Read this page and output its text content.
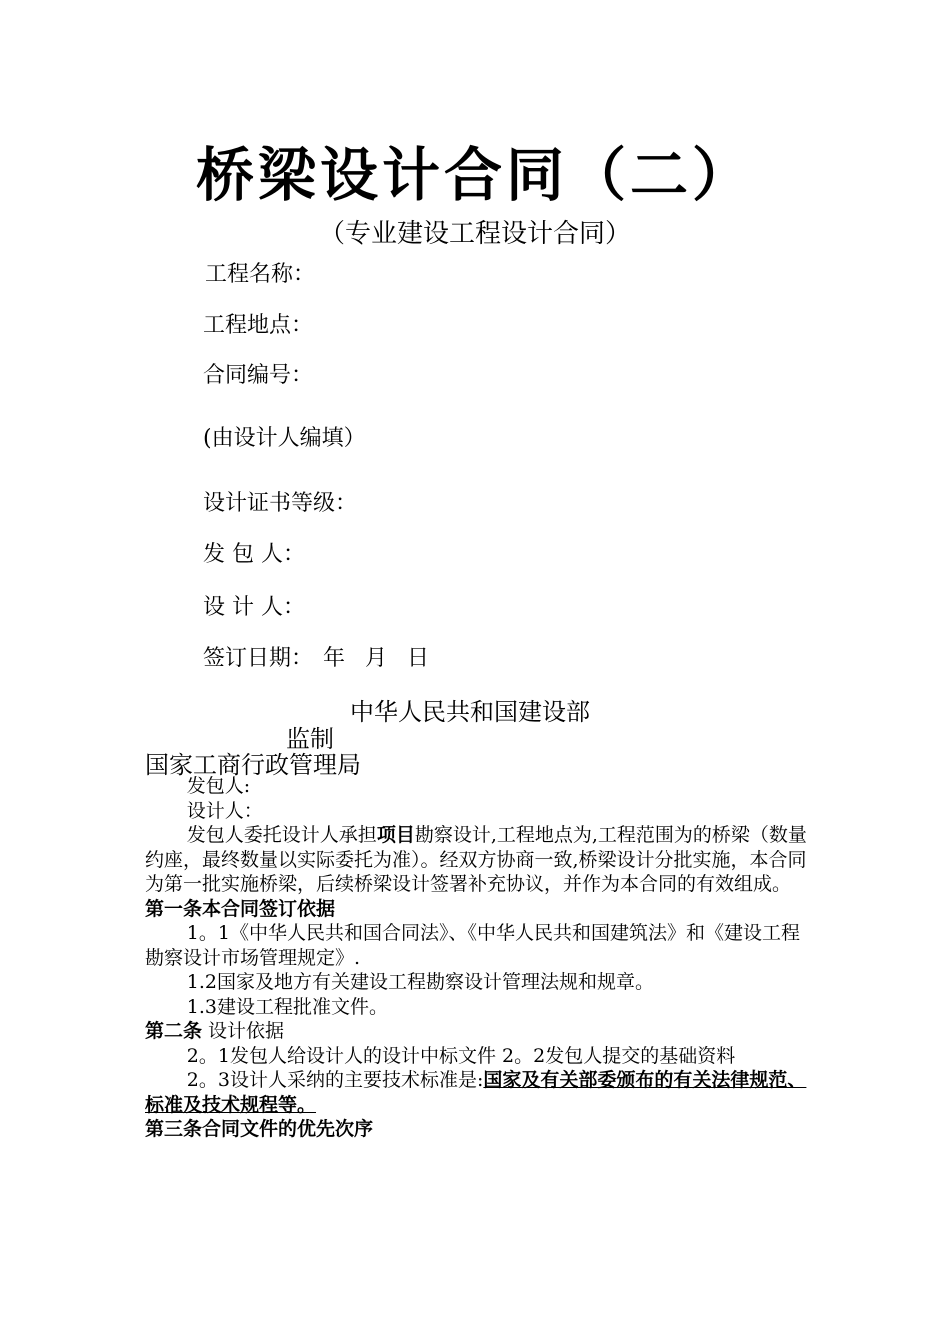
桥梁设计合同（二）
（专业建设工程设计合同）
工程名称：
工程地点：
合同编号：
(由设计人编填）
设计证书等级：
发 包 人：
设 计 人：
签订日期： 年 月 日
中华人民共和国建设部
监制
国家工商行政管理局

发包人:

设计人：

发包人委托设计人承担项目勘察设计,工程地点为,工程范围为的桥梁（数量约座，最终数量以实际委托为准）。经双方协商一致,桥梁设计分批实施，本合同为第一批实施桥梁，后续桥梁设计签署补充协议，并作为本合同的有效组成。

第一条本合同签订依据

1。1《中华人民共和国合同法》、《中华人民共和国建筑法》和《建设工程勘察设计市场管理规定》.

1.2国家及地方有关建设工程勘察设计管理法规和规章。

1.3建设工程批准文件。

第二条 设计依据

2。1发包人给设计人的设计中标文件 2。2发包人提交的基础资料

2。3设计人采纳的主要技术标准是:国家及有关部委颁布的有关法律规范、标准及技术规程等。

第三条合同文件的优先次序
